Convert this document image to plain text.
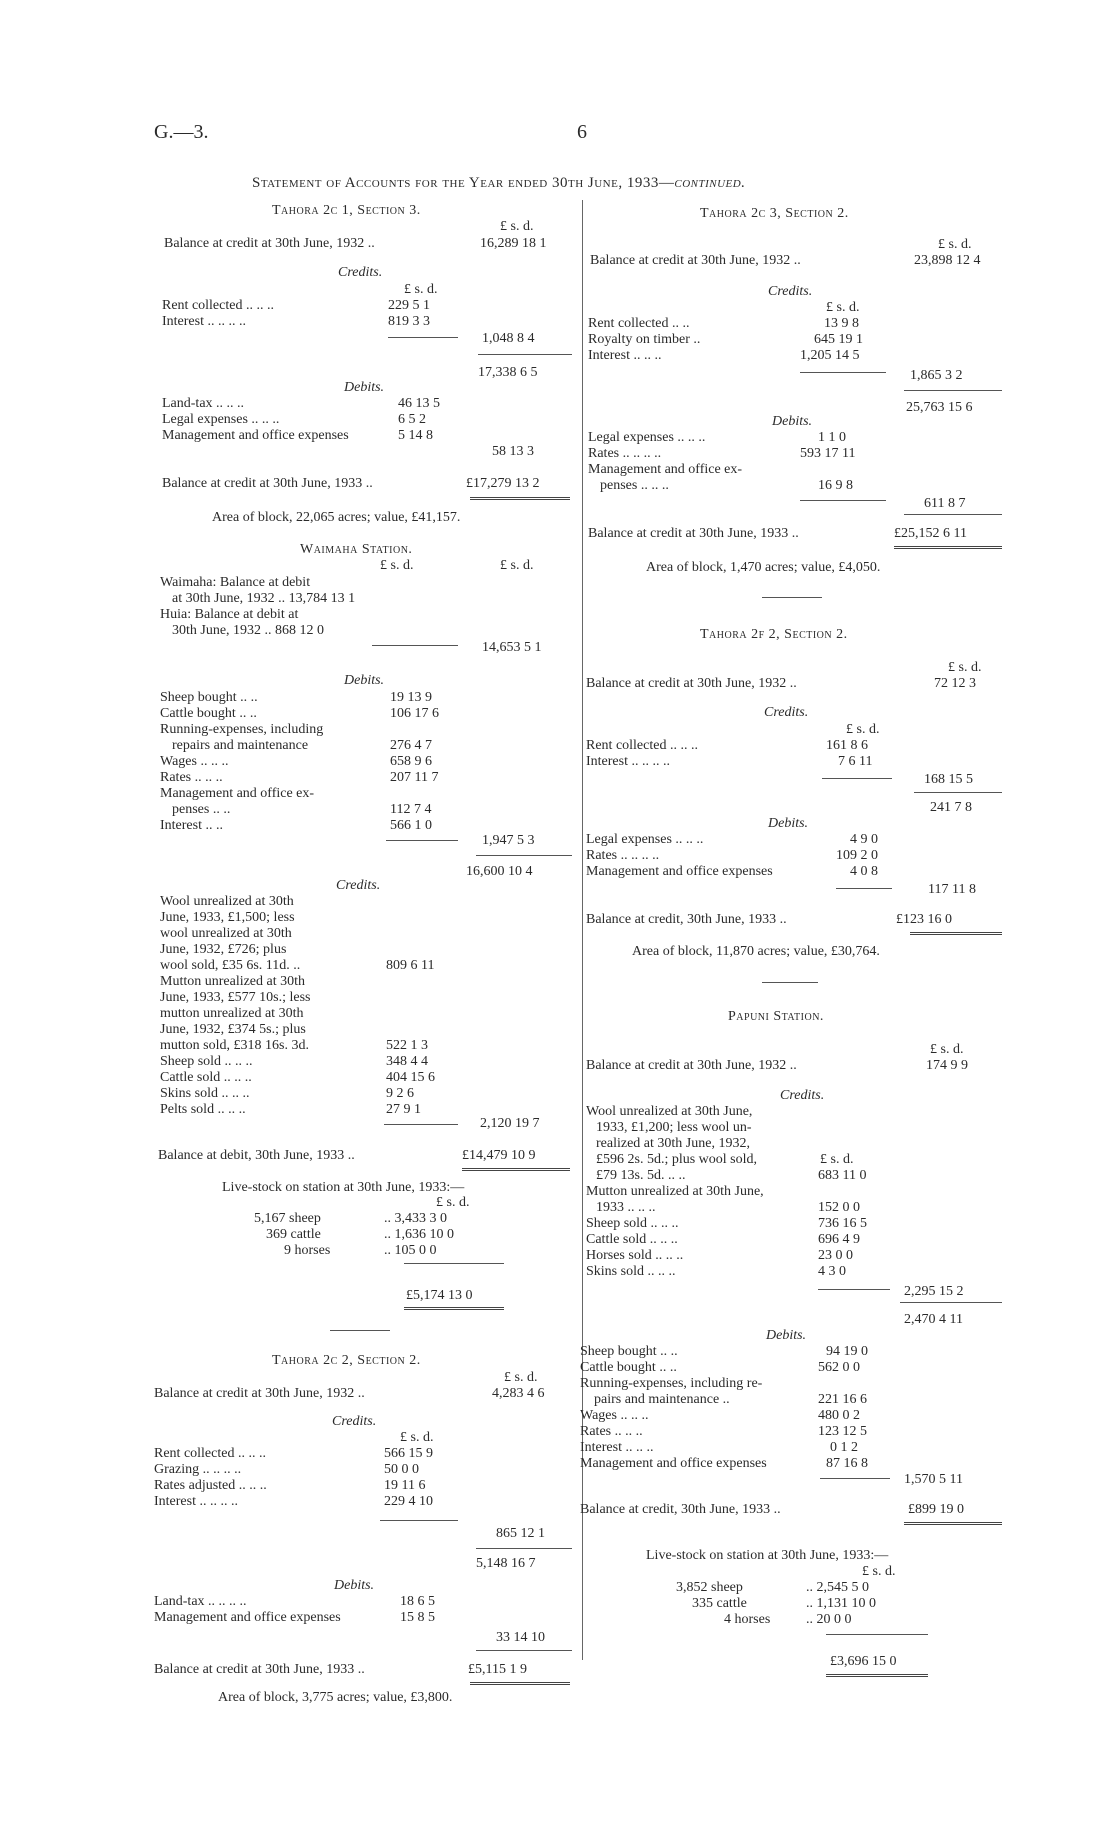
G.—3.	6
Statement of Accounts for the Year ended 30th June, 1933—continued.
Tahora 2c 1, Section 3.
£ s. d.
Balance at credit at 30th June, 1932 ..	16,289 18 1
Credits.
£ s. d.
Rent collected .. .. ..	229 5 1
Interest .. .. .. ..	819 3 3
1,048 8 4
17,338 6 5
Debits.
Land-tax .. .. ..	46 13 5
Legal expenses .. .. ..	6 5 2
Management and office expenses	5 14 8
58 13 3
Balance at credit at 30th June, 1933 ..	£17,279 13 2
Area of block, 22,065 acres; value, £41,157.
Waimaha Station.
£ s. d.	£ s. d.
Waimaha: Balance at debit
at 30th June, 1932 .. 13,784 13 1
Huia: Balance at debit at
30th June, 1932 .. 868 12 0
14,653 5 1
Debits.
Sheep bought .. ..	19 13 9
Cattle bought .. ..	106 17 6
Running-expenses, including
repairs and maintenance	276 4 7
Wages .. .. ..	658 9 6
Rates .. .. ..	207 11 7
Management and office ex-
penses .. ..	112 7 4
Interest .. ..	566 1 0
1,947 5 3
16,600 10 4
Credits.
Wool unrealized at 30th
June, 1933, £1,500; less
wool unrealized at 30th
June, 1932, £726; plus
wool sold, £35 6s. 11d. ..	809 6 11
Mutton unrealized at 30th
June, 1933, £577 10s.; less
mutton unrealized at 30th
June, 1932, £374 5s.; plus
mutton sold, £318 16s. 3d.	522 1 3
Sheep sold .. .. ..	348 4 4
Cattle sold .. .. ..	404 15 6
Skins sold .. .. ..	9 2 6
Pelts sold .. .. ..	27 9 1
2,120 19 7
Balance at debit, 30th June, 1933 ..	£14,479 10 9
Live-stock on station at 30th June, 1933:—
£ s. d.
5,167 sheep	.. 3,433 3 0
369 cattle	.. 1,636 10 0
9 horses	.. 105 0 0
£5,174 13 0
Tahora 2c 2, Section 2.
£ s. d.
Balance at credit at 30th June, 1932 ..	4,283 4 6
Credits.
£ s. d.
Rent collected .. .. ..	566 15 9
Grazing .. .. .. ..	50 0 0
Rates adjusted .. .. ..	19 11 6
Interest .. .. .. ..	229 4 10
865 12 1
5,148 16 7
Debits.
Land-tax .. .. .. ..	18 6 5
Management and office expenses	15 8 5
33 14 10
Balance at credit at 30th June, 1933 ..	£5,115 1 9
Area of block, 3,775 acres; value, £3,800.
Tahora 2c 3, Section 2.
£ s. d.
Balance at credit at 30th June, 1932 ..	23,898 12 4
Credits.
£ s. d.
Rent collected .. ..	13 9 8
Royalty on timber ..	645 19 1
Interest .. .. ..	1,205 14 5
1,865 3 2
25,763 15 6
Debits.
Legal expenses .. .. ..	1 1 0
Rates .. .. .. ..	593 17 11
Management and office ex-
penses .. .. ..	16 9 8
611 8 7
Balance at credit at 30th June, 1933 ..	£25,152 6 11
Area of block, 1,470 acres; value, £4,050.
Tahora 2f 2, Section 2.
£ s. d.
Balance at credit at 30th June, 1932 ..	72 12 3
Credits.
£ s. d.
Rent collected .. .. ..	161 8 6
Interest .. .. .. ..	7 6 11
168 15 5
241 7 8
Debits.
Legal expenses .. .. ..	4 9 0
Rates .. .. .. ..	109 2 0
Management and office expenses	4 0 8
117 11 8
Balance at credit, 30th June, 1933 ..	£123 16 0
Area of block, 11,870 acres; value, £30,764.
Papuni Station.
£ s. d.
Balance at credit at 30th June, 1932 ..	174 9 9
Credits.
£ s. d.
Wool unrealized at 30th June,
1933, £1,200; less wool un-
realized at 30th June, 1932,
£596 2s. 5d.; plus wool sold,
£79 13s. 5d. .. ..	683 11 0
Mutton unrealized at 30th June,
1933 .. .. ..	152 0 0
Sheep sold .. .. ..	736 16 5
Cattle sold .. .. ..	696 4 9
Horses sold .. .. ..	23 0 0
Skins sold .. .. ..	4 3 0
2,295 15 2
2,470 4 11
Debits.
Sheep bought .. ..	94 19 0
Cattle bought .. ..	562 0 0
Running-expenses, including re-
pairs and maintenance ..	221 16 6
Wages .. .. ..	480 0 2
Rates .. .. ..	123 12 5
Interest .. .. ..	0 1 2
Management and office expenses	87 16 8
1,570 5 11
Balance at credit, 30th June, 1933 ..	£899 19 0
Live-stock on station at 30th June, 1933:—
£ s. d.
3,852 sheep	.. 2,545 5 0
335 cattle	.. 1,131 10 0
4 horses	.. 20 0 0
£3,696 15 0
